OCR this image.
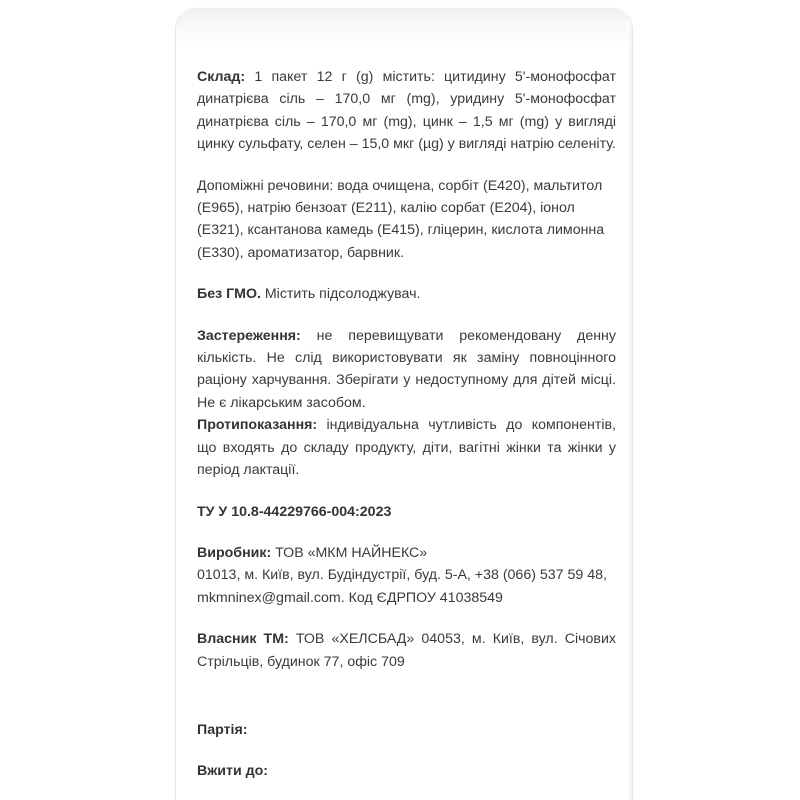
Склад: 1 пакет 12 г (g) містить: цитидину 5'-монофосфат динатрієва сіль – 170,0 мг (mg), уридину 5'-монофосфат динатрієва сіль – 170,0 мг (mg), цинк – 1,5 мг (mg) у вигляді цинку сульфату, селен – 15,0 мкг (µg) у вигляді натрію селеніту.

Допоміжні речовини: вода очищена, сорбіт (Е420), мальтитол (Е965), натрію бензоат (Е211), калію сорбат (Е204), іонол (Е321), ксантанова камедь (Е415), гліцерин, кислота лимонна (Е330), ароматизатор, барвник.

Без ГМО. Містить підсолоджувач.

Застереження: не перевищувати рекомендовану денну кількість. Не слід використовувати як заміну повноцінного раціону харчування. Зберігати у недоступному для дітей місці. Не є лікарським засобом.

Протипоказання: індивідуальна чутливість до компонентів, що входять до складу продукту, діти, вагітні жінки та жінки у період лактації.

ТУ У 10.8-44229766-004:2023

Виробник: ТОВ «МКМ НАЙНЕКС»
01013, м. Київ, вул. Будіндустрії, буд. 5-А, +38 (066) 537 59 48, mkmninex@gmail.com. Код ЄДРПОУ 41038549

Власник ТМ: ТОВ «ХЕЛСБАД» 04053, м. Київ, вул. Січових Стрільців, будинок 77, офіс 709

Партія:

Вжити до:
